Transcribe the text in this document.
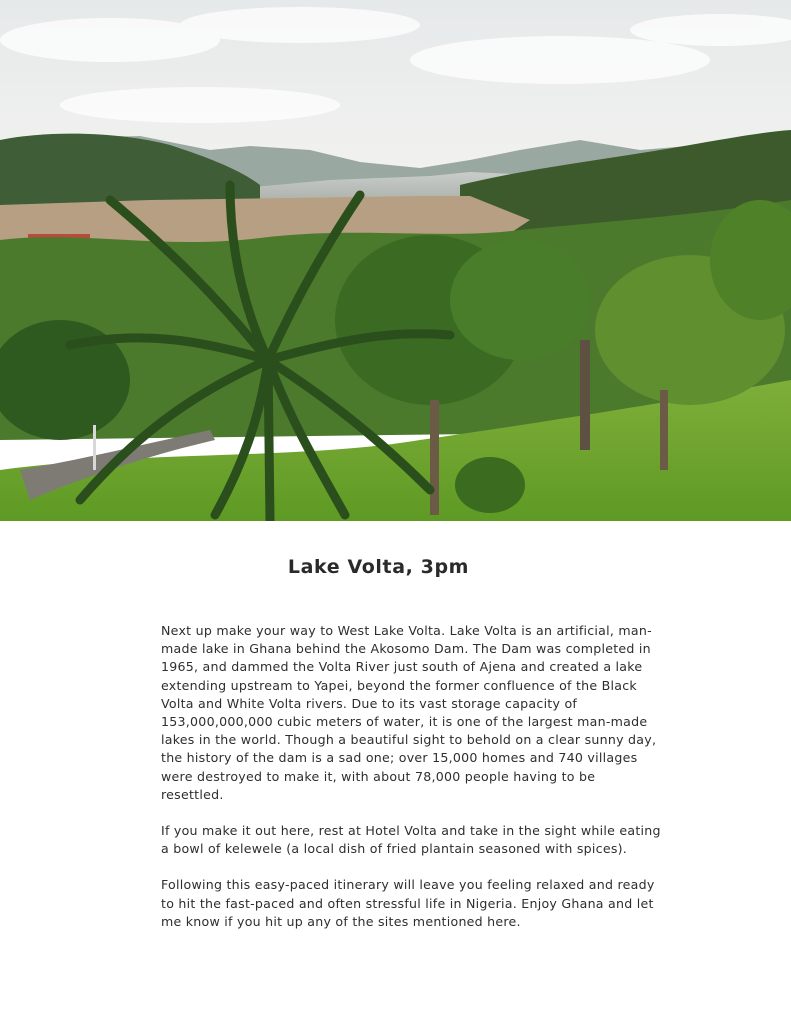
Lake Volta, 3pm

Next up make your way to West Lake Volta. Lake Volta is an artificial, man-made lake in Ghana behind the Akosomo Dam. The Dam was completed in 1965, and dammed the Volta River just south of Ajena and created a lake extending upstream to Yapei, beyond the former confluence of the Black Volta and White Volta rivers. Due to its vast storage capacity of 153,000,000,000 cubic meters of water, it is one of the largest man-made lakes in the world. Though a beautiful sight to behold on a clear sunny day, the history of the dam is a sad one; over 15,000 homes and 740 villages were destroyed to make it, with about 78,000 people having to be resettled.

If you make it out here, rest at Hotel Volta and take in the sight while eating a bowl of kelewele (a local dish of fried plantain seasoned with spices).

Following this easy-paced itinerary will leave you feeling relaxed and ready to hit the fast-paced and often stressful life in Nigeria. Enjoy Ghana and let me know if you hit up any of the sites mentioned here.
